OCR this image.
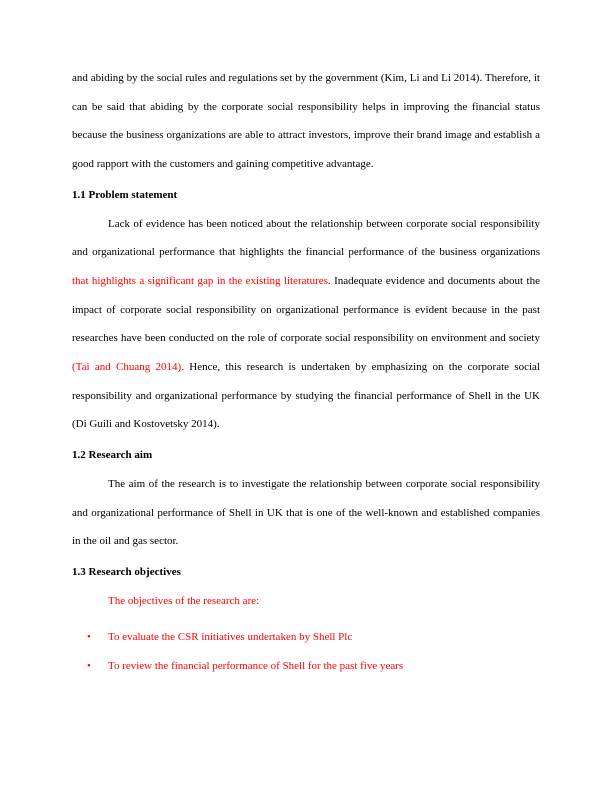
and abiding by the social rules and regulations set by the government (Kim, Li and Li 2014). Therefore, it can be said that abiding by the corporate social responsibility helps in improving the financial status because the business organizations are able to attract investors, improve their brand image and establish a good rapport with the customers and gaining competitive advantage.

1.1 Problem statement

Lack of evidence has been noticed about the relationship between corporate social responsibility and organizational performance that highlights the financial performance of the business organizations that highlights a significant gap in the existing literatures. Inadequate evidence and documents about the impact of corporate social responsibility on organizational performance is evident because in the past researches have been conducted on the role of corporate social responsibility on environment and society (Tai and Chuang 2014). Hence, this research is undertaken by emphasizing on the corporate social responsibility and organizational performance by studying the financial performance of Shell in the UK (Di Guili and Kostovetsky 2014).

1.2 Research aim

The aim of the research is to investigate the relationship between corporate social responsibility and organizational performance of Shell in UK that is one of the well-known and established companies in the oil and gas sector.

1.3 Research objectives
The objectives of the research are:
• To evaluate the CSR initiatives undertaken by Shell Plc
• To review the financial performance of Shell for the past five years
